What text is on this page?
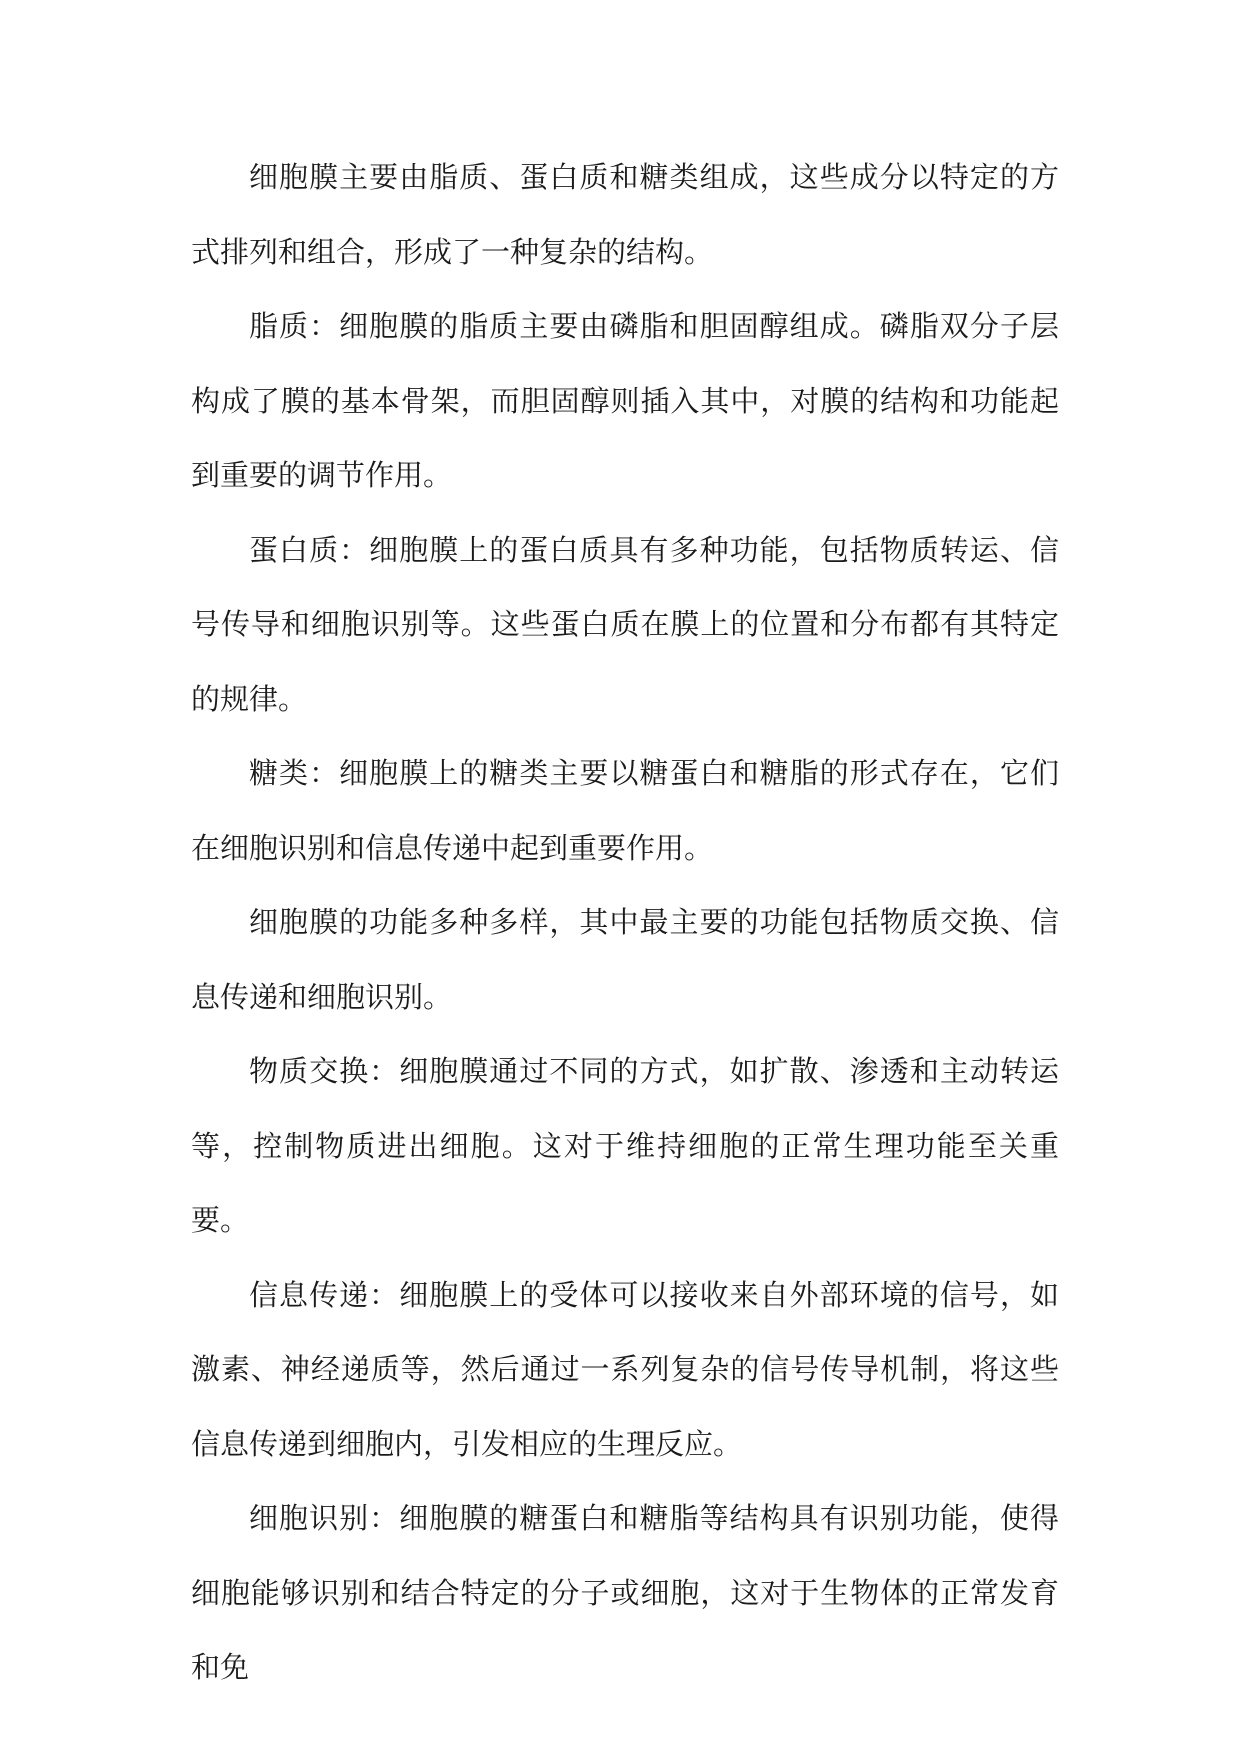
细胞膜主要由脂质、蛋白质和糖类组成，这些成分以特定的方式排列和组合，形成了一种复杂的结构。

脂质：细胞膜的脂质主要由磷脂和胆固醇组成。磷脂双分子层构成了膜的基本骨架，而胆固醇则插入其中，对膜的结构和功能起到重要的调节作用。

蛋白质：细胞膜上的蛋白质具有多种功能，包括物质转运、信号传导和细胞识别等。这些蛋白质在膜上的位置和分布都有其特定的规律。

糖类：细胞膜上的糖类主要以糖蛋白和糖脂的形式存在，它们在细胞识别和信息传递中起到重要作用。

细胞膜的功能多种多样，其中最主要的功能包括物质交换、信息传递和细胞识别。

物质交换：细胞膜通过不同的方式，如扩散、渗透和主动转运等，控制物质进出细胞。这对于维持细胞的正常生理功能至关重要。

信息传递：细胞膜上的受体可以接收来自外部环境的信号，如激素、神经递质等，然后通过一系列复杂的信号传导机制，将这些信息传递到细胞内，引发相应的生理反应。

细胞识别：细胞膜的糖蛋白和糖脂等结构具有识别功能，使得细胞能够识别和结合特定的分子或细胞，这对于生物体的正常发育和免
